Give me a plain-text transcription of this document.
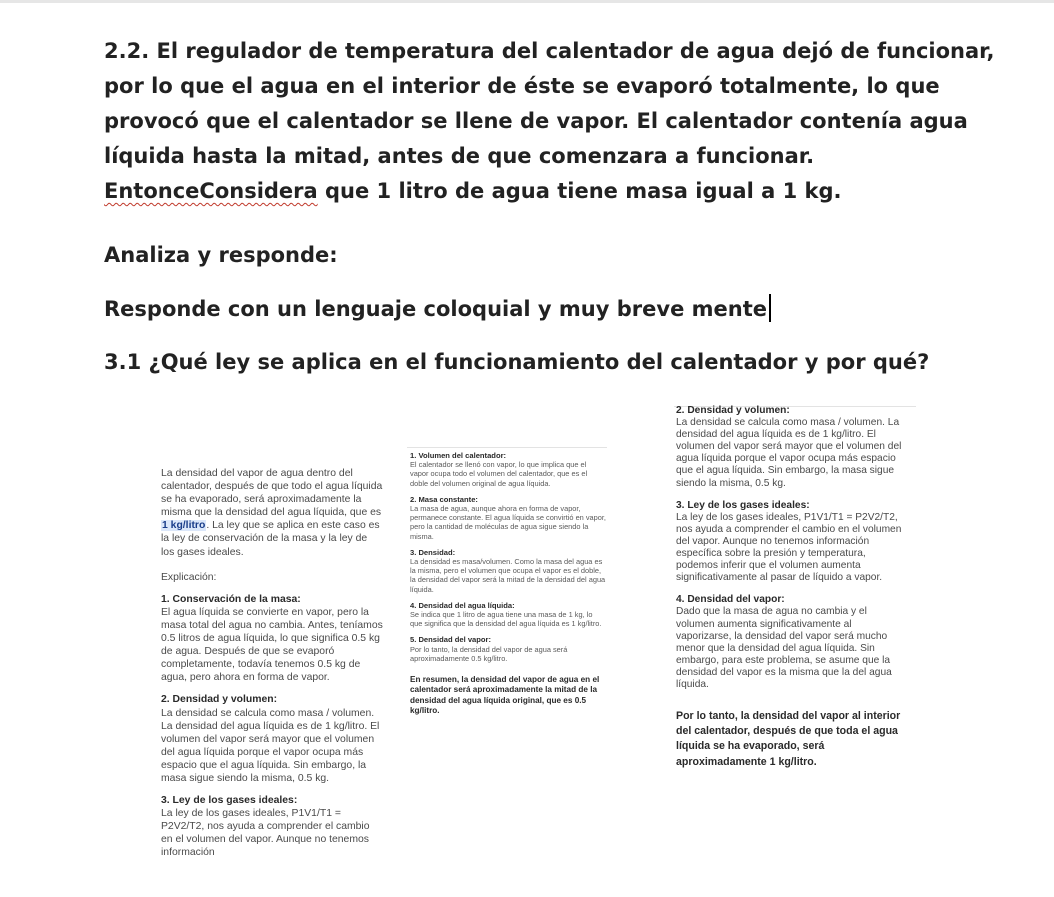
2.2. El regulador de temperatura del calentador de agua dejó de funcionar, por lo que el agua en el interior de éste se evaporó totalmente, lo que provocó que el calentador se llene de vapor. El calentador contenía agua líquida hasta la mitad, antes de que comenzara a funcionar. EntonceConsidera que 1 litro de agua tiene masa igual a 1 kg.

Analiza y responde:

Responde con un lenguaje coloquial y muy breve mente

3.1 ¿Qué ley se aplica en el funcionamiento del calentador y por qué?

La densidad del vapor de agua dentro del calentador, después de que todo el agua líquida se ha evaporado, será aproximadamente la misma que la densidad del agua líquida, que es 1 kg/litro. La ley que se aplica en este caso es la ley de conservación de la masa y la ley de los gases ideales.

Explicación:

1. Conservación de la masa:

El agua líquida se convierte en vapor, pero la masa total del agua no cambia. Antes, teníamos 0.5 litros de agua líquida, lo que significa 0.5 kg de agua. Después de que se evaporó completamente, todavía tenemos 0.5 kg de agua, pero ahora en forma de vapor.

2. Densidad y volumen:

La densidad se calcula como masa / volumen. La densidad del agua líquida es de 1 kg/litro. El volumen del vapor será mayor que el volumen del agua líquida porque el vapor ocupa más espacio que el agua líquida. Sin embargo, la masa sigue siendo la misma, 0.5 kg.

3. Ley de los gases ideales:

La ley de los gases ideales, P1V1/T1 = P2V2/T2, nos ayuda a comprender el cambio en el volumen del vapor. Aunque no tenemos información

1. Volumen del calentador:

El calentador se llenó con vapor, lo que implica que el vapor ocupa todo el volumen del calentador, que es el doble del volumen original de agua líquida.

2. Masa constante:

La masa de agua, aunque ahora en forma de vapor, permanece constante. El agua líquida se convirtió en vapor, pero la cantidad de moléculas de agua sigue siendo la misma.

3. Densidad:

La densidad es masa/volumen. Como la masa del agua es la misma, pero el volumen que ocupa el vapor es el doble, la densidad del vapor será la mitad de la densidad del agua líquida.

4. Densidad del agua líquida:

Se indica que 1 litro de agua tiene una masa de 1 kg, lo que significa que la densidad del agua líquida es 1 kg/litro.

5. Densidad del vapor:

Por lo tanto, la densidad del vapor de agua será aproximadamente 0.5 kg/litro.

En resumen, la densidad del vapor de agua en el calentador será aproximadamente la mitad de la densidad del agua líquida original, que es 0.5 kg/litro.

2. Densidad y volumen:

La densidad se calcula como masa / volumen. La densidad del agua líquida es de 1 kg/litro. El volumen del vapor será mayor que el volumen del agua líquida porque el vapor ocupa más espacio que el agua líquida. Sin embargo, la masa sigue siendo la misma, 0.5 kg.

3. Ley de los gases ideales:

La ley de los gases ideales, P1V1/T1 = P2V2/T2, nos ayuda a comprender el cambio en el volumen del vapor. Aunque no tenemos información específica sobre la presión y temperatura, podemos inferir que el volumen aumenta significativamente al pasar de líquido a vapor.

4. Densidad del vapor:

Dado que la masa de agua no cambia y el volumen aumenta significativamente al vaporizarse, la densidad del vapor será mucho menor que la densidad del agua líquida. Sin embargo, para este problema, se asume que la densidad del vapor es la misma que la del agua líquida.

Por lo tanto, la densidad del vapor al interior del calentador, después de que toda el agua líquida se ha evaporado, será aproximadamente 1 kg/litro.
